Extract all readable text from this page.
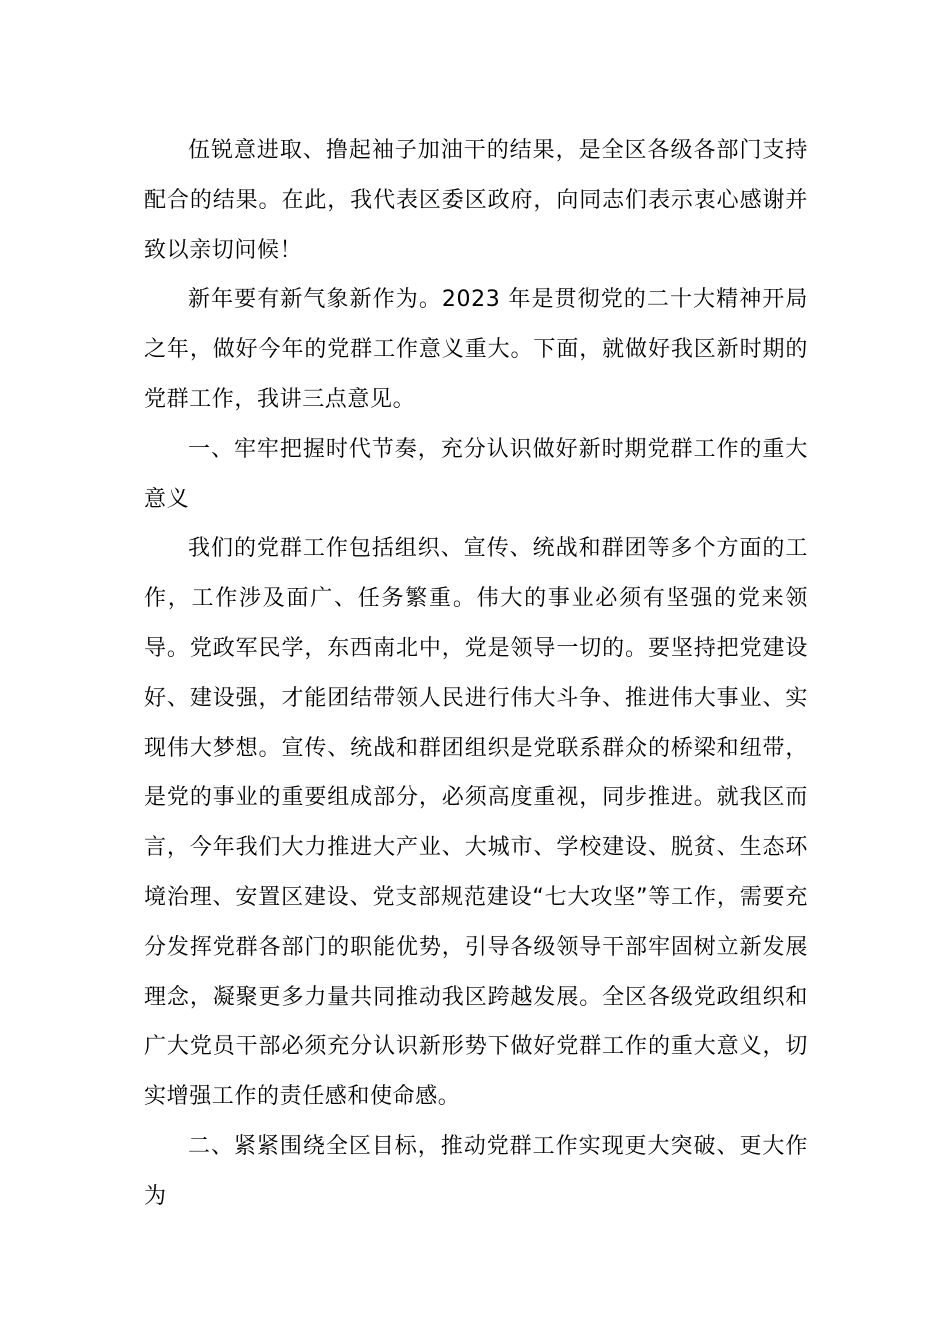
伍锐意进取、撸起袖子加油干的结果，是全区各级各部门支持配合的结果。在此，我代表区委区政府，向同志们表示衷心感谢并致以亲切问候！

新年要有新气象新作为。2023 年是贯彻党的二十大精神开局之年，做好今年的党群工作意义重大。下面，就做好我区新时期的党群工作，我讲三点意见。

一、牢牢把握时代节奏，充分认识做好新时期党群工作的重大意义

我们的党群工作包括组织、宣传、统战和群团等多个方面的工作，工作涉及面广、任务繁重。伟大的事业必须有坚强的党来领导。党政军民学，东西南北中，党是领导一切的。要坚持把党建设好、建设强，才能团结带领人民进行伟大斗争、推进伟大事业、实现伟大梦想。宣传、统战和群团组织是党联系群众的桥梁和纽带，是党的事业的重要组成部分，必须高度重视，同步推进。就我区而言，今年我们大力推进大产业、大城市、学校建设、脱贫、生态环境治理、安置区建设、党支部规范建设“七大攻坚”等工作，需要充分发挥党群各部门的职能优势，引导各级领导干部牢固树立新发展理念，凝聚更多力量共同推动我区跨越发展。全区各级党政组织和广大党员干部必须充分认识新形势下做好党群工作的重大意义，切实增强工作的责任感和使命感。

二、紧紧围绕全区目标，推动党群工作实现更大突破、更大作为
